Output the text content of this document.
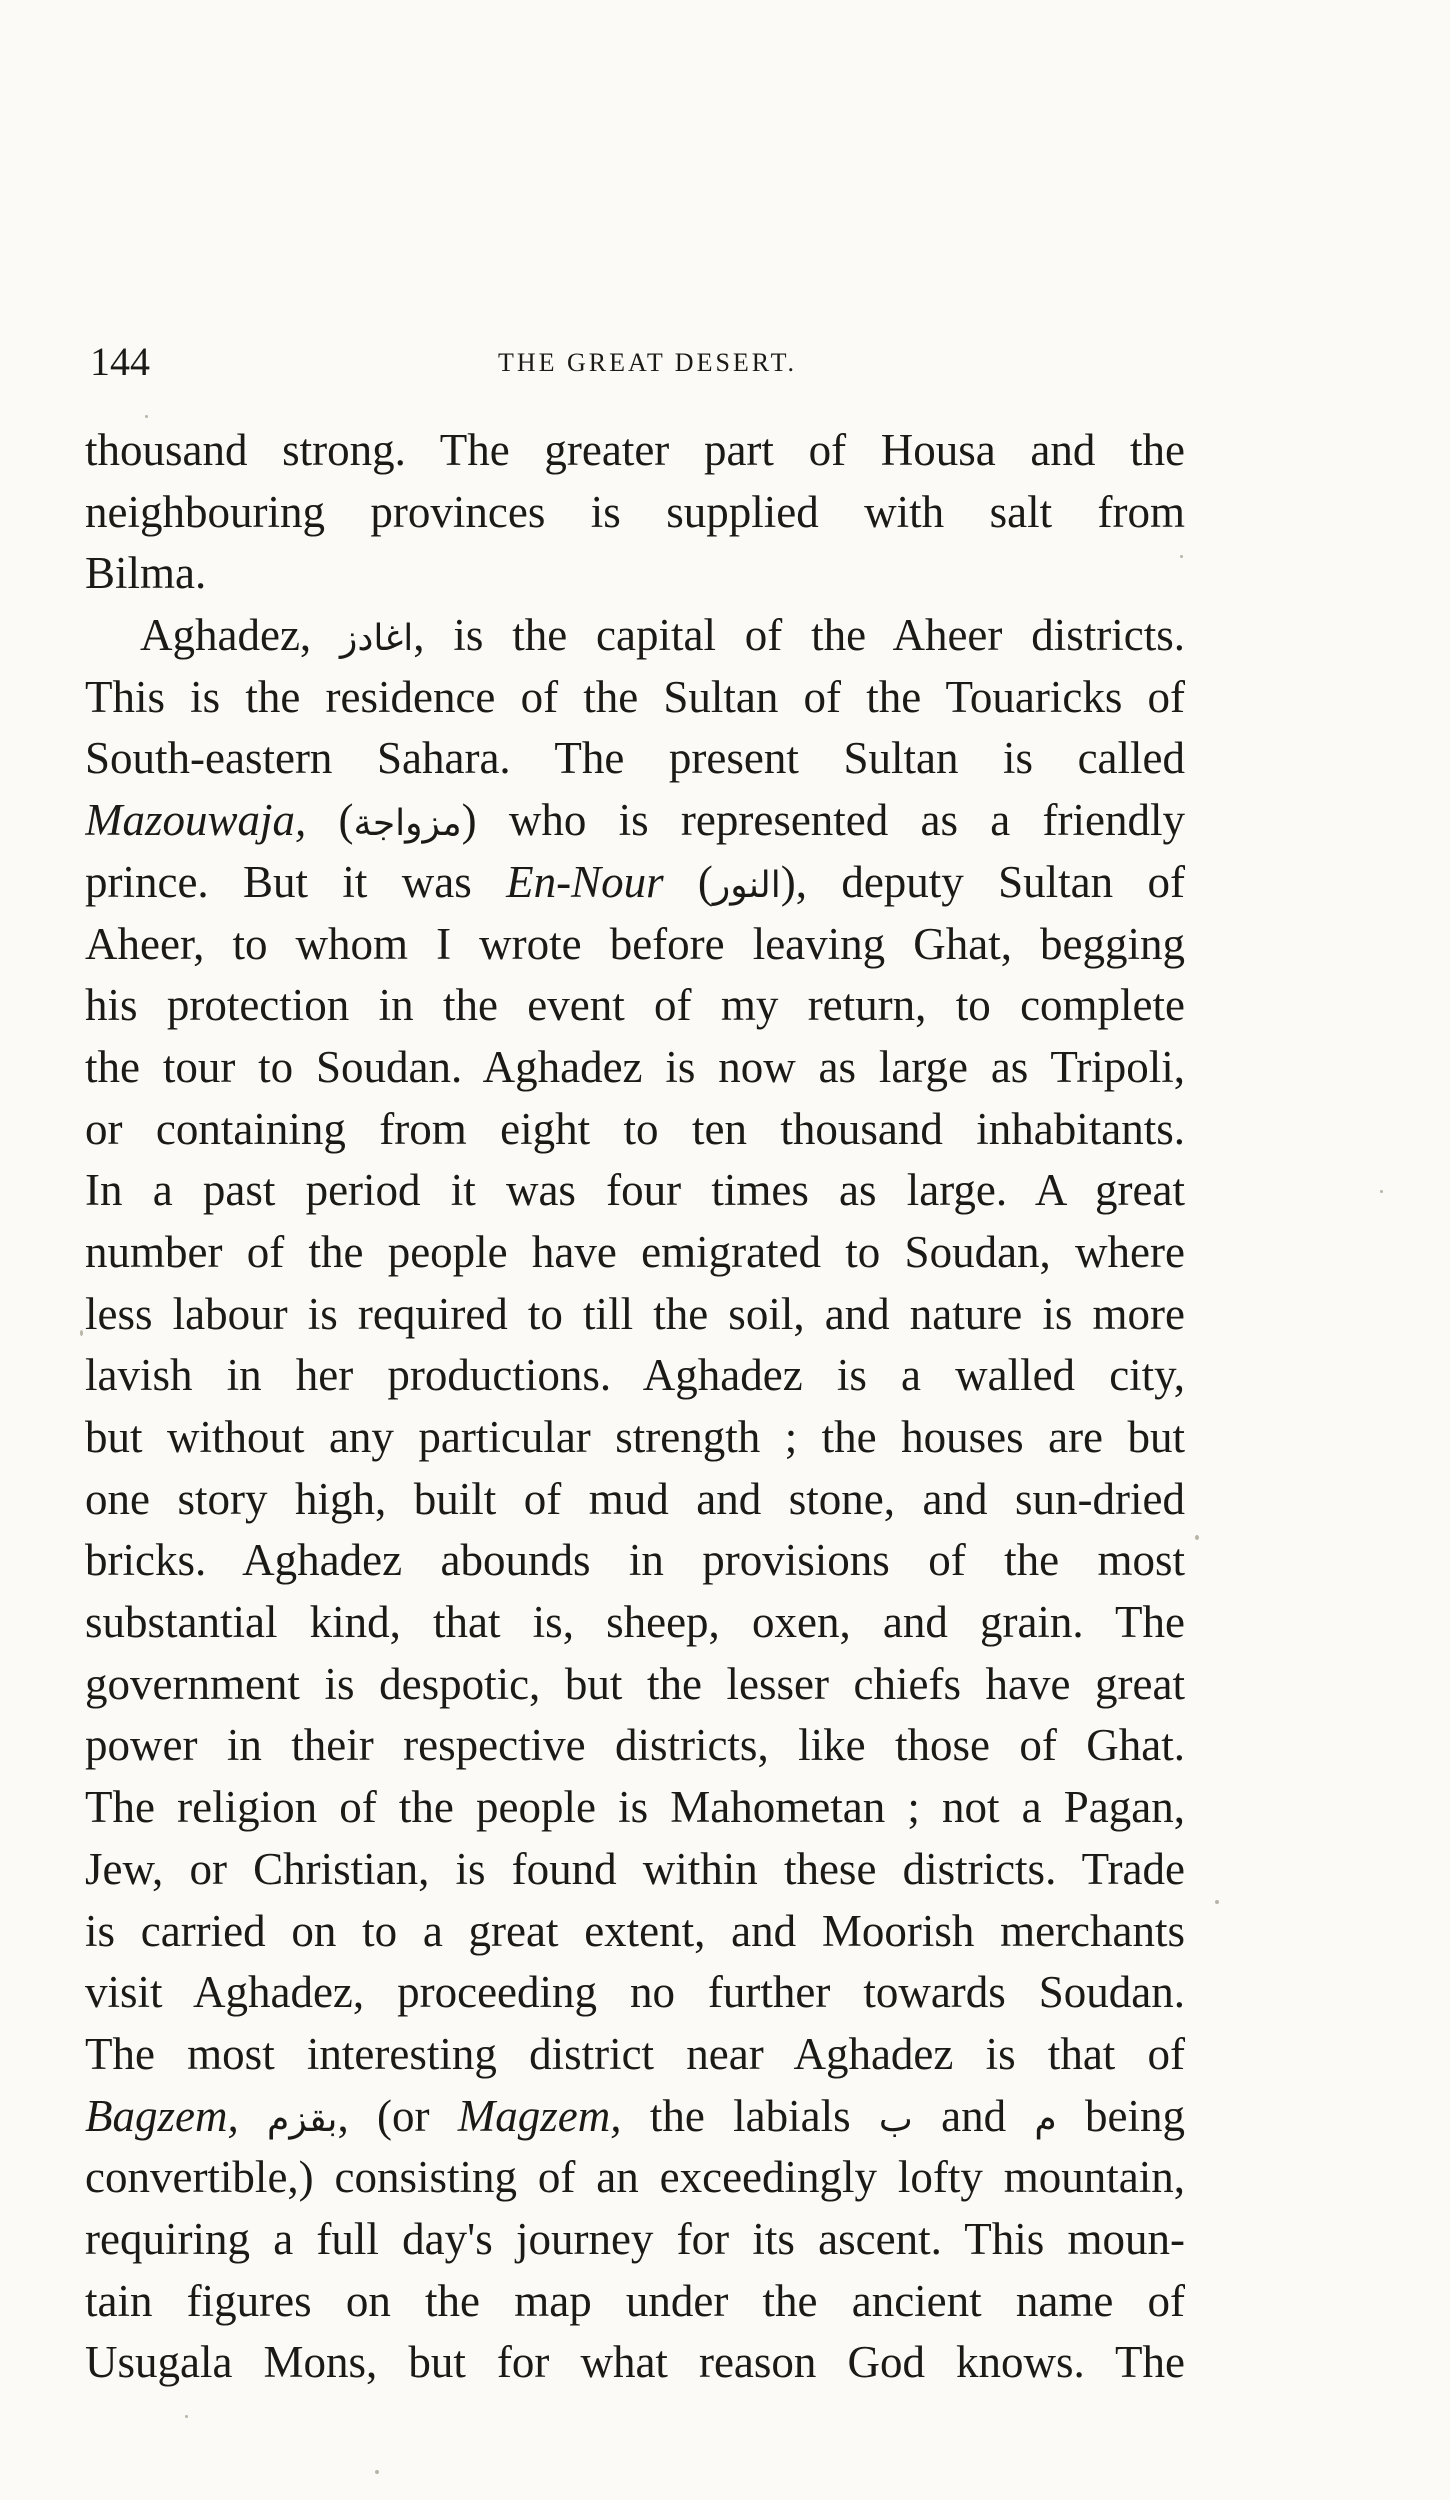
144	THE GREAT DESERT.
thousand strong. The greater part of Housa and the
neighbouring provinces is supplied with salt from
Bilma.
Aghadez, اغادز, is the capital of the Aheer districts.
This is the residence of the Sultan of the Touaricks of
South-eastern Sahara. The present Sultan is called
Mazouwaja, (مزواجة) who is represented as a friendly
prince. But it was En-Nour (النور), deputy Sultan of
Aheer, to whom I wrote before leaving Ghat, begging
his protection in the event of my return, to complete
the tour to Soudan. Aghadez is now as large as Tripoli,
or containing from eight to ten thousand inhabitants.
In a past period it was four times as large. A great
number of the people have emigrated to Soudan, where
less labour is required to till the soil, and nature is more
lavish in her productions. Aghadez is a walled city,
but without any particular strength ; the houses are but
one story high, built of mud and stone, and sun-dried
bricks. Aghadez abounds in provisions of the most
substantial kind, that is, sheep, oxen, and grain. The
government is despotic, but the lesser chiefs have great
power in their respective districts, like those of Ghat.
The religion of the people is Mahometan ; not a Pagan,
Jew, or Christian, is found within these districts. Trade
is carried on to a great extent, and Moorish merchants
visit Aghadez, proceeding no further towards Soudan.
The most interesting district near Aghadez is that of
Bagzem, بقزم, (or Magzem, the labials ب and م being
convertible,) consisting of an exceedingly lofty mountain,
requiring a full day's journey for its ascent. This moun-
tain figures on the map under the ancient name of
Usugala Mons, but for what reason God knows. The
